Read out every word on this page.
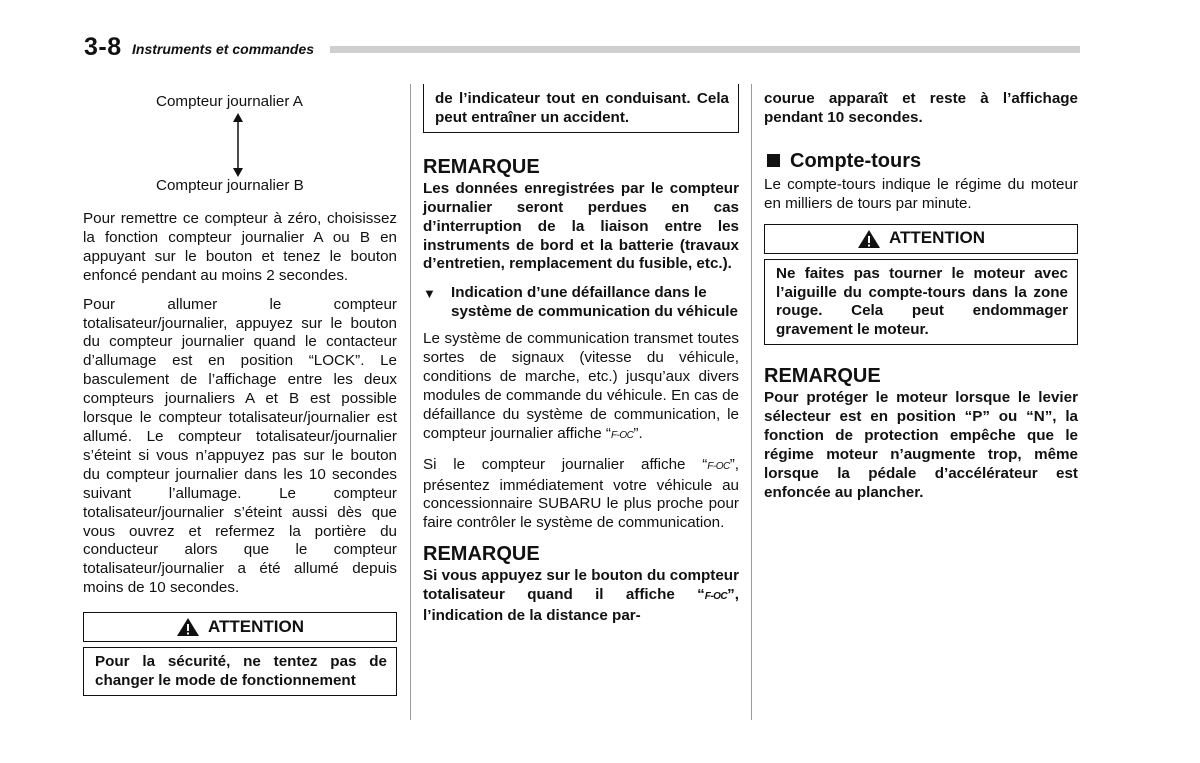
3-8 Instruments et commandes
Compteur journalier A
Compteur journalier B

Pour remettre ce compteur à zéro, choisissez la fonction compteur journalier A ou B en appuyant sur le bouton et tenez le bouton enfoncé pendant au moins 2 secondes.

Pour allumer le compteur totalisateur/journalier, appuyez sur le bouton du compteur journalier quand le contacteur d’allumage est en position “LOCK”. Le basculement de l’affichage entre les deux compteurs journaliers A et B est possible lorsque le compteur totalisateur/journalier est allumé. Le compteur totalisateur/journalier s’éteint si vous n’appuyez pas sur le bouton du compteur journalier dans les 10 secondes suivant l’allumage. Le compteur totalisateur/journalier s’éteint aussi dès que vous ouvrez et refermez la portière du conducteur alors que le compteur totalisateur/journalier a été allumé depuis moins de 10 secondes.

ATTENTION
Pour la sécurité, ne tentez pas de changer le mode de fonctionnement
de l’indicateur tout en conduisant. Cela peut entraîner un accident.
REMARQUE

Les données enregistrées par le compteur journalier seront perdues en cas d’interruption de la liaison entre les instruments de bord et la batterie (travaux d’entretien, remplacement du fusible, etc.).

▼ Indication d’une défaillance dans le système de communication du véhicule

Le système de communication transmet toutes sortes de signaux (vitesse du véhicule, conditions de marche, etc.) jusqu’aux divers modules de commande du véhicule. En cas de défaillance du système de communication, le compteur journalier affiche “F-OC”.

Si le compteur journalier affiche “F-OC”, présentez immédiatement votre véhicule au concessionnaire SUBARU le plus proche pour faire contrôler le système de communication.

REMARQUE

Si vous appuyez sur le bouton du compteur totalisateur quand il affiche “F-OC”, l’indication de la distance par-

courue apparaît et reste à l’affichage pendant 10 secondes.

Compte-tours

Le compte-tours indique le régime du moteur en milliers de tours par minute.

ATTENTION
Ne faites pas tourner le moteur avec l’aiguille du compte-tours dans la zone rouge. Cela peut endommager gravement le moteur.
REMARQUE

Pour protéger le moteur lorsque le levier sélecteur est en position “P” ou “N”, la fonction de protection empêche que le régime moteur n’augmente trop, même lorsque la pédale d’accélérateur est enfoncée au plancher.
